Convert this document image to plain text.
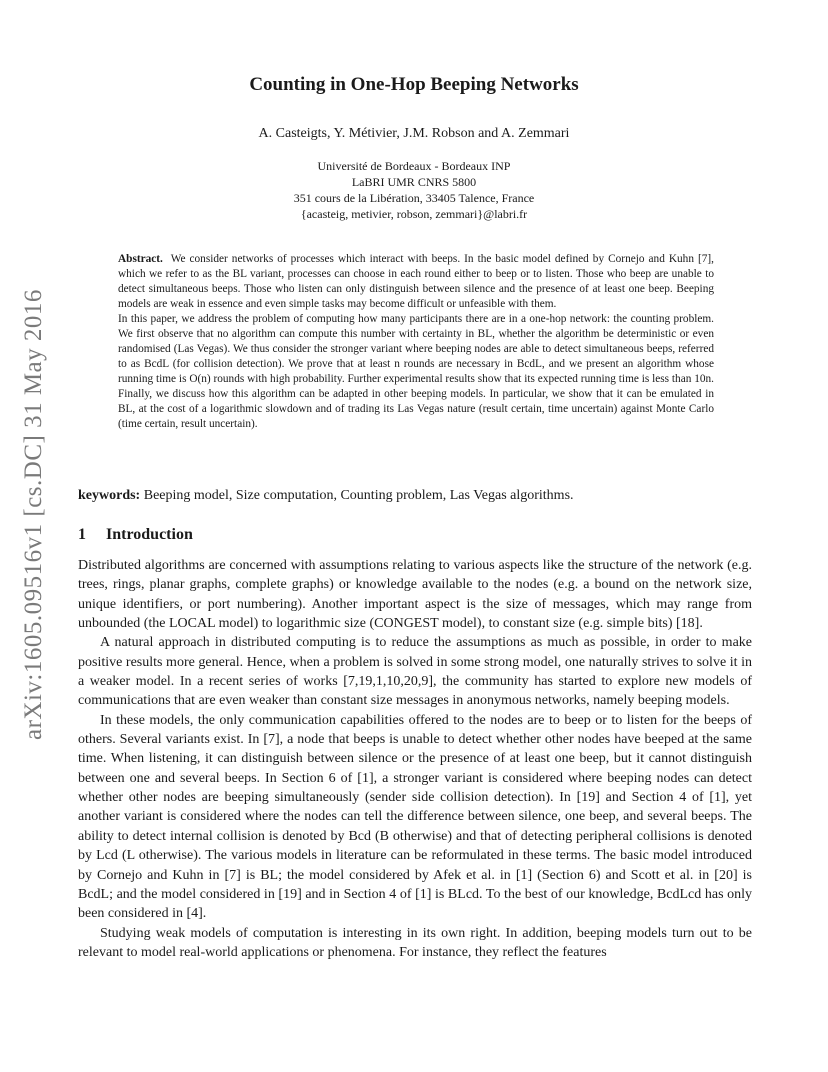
Counting in One-Hop Beeping Networks
A. Casteigts, Y. Métivier, J.M. Robson and A. Zemmari
Université de Bordeaux - Bordeaux INP
LaBRI UMR CNRS 5800
351 cours de la Libération, 33405 Talence, France
{acasteig, metivier, robson, zemmari}@labri.fr
arXiv:1605.09516v1 [cs.DC] 31 May 2016

Abstract. We consider networks of processes which interact with beeps. In the basic model defined by Cornejo and Kuhn [7], which we refer to as the BL variant, processes can choose in each round either to beep or to listen. Those who beep are unable to detect simultaneous beeps. Those who listen can only distinguish between silence and the presence of at least one beep. Beeping models are weak in essence and even simple tasks may become difficult or unfeasible with them.

In this paper, we address the problem of computing how many participants there are in a one-hop network: the counting problem. We first observe that no algorithm can compute this number with certainty in BL, whether the algorithm be deterministic or even randomised (Las Vegas). We thus consider the stronger variant where beeping nodes are able to detect simultaneous beeps, referred to as BcdL (for collision detection). We prove that at least n rounds are necessary in BcdL, and we present an algorithm whose running time is O(n) rounds with high probability. Further experimental results show that its expected running time is less than 10n. Finally, we discuss how this algorithm can be adapted in other beeping models. In particular, we show that it can be emulated in BL, at the cost of a logarithmic slowdown and of trading its Las Vegas nature (result certain, time uncertain) against Monte Carlo (time certain, result uncertain).

keywords: Beeping model, Size computation, Counting problem, Las Vegas algorithms.
1 Introduction

Distributed algorithms are concerned with assumptions relating to various aspects like the structure of the network (e.g. trees, rings, planar graphs, complete graphs) or knowledge available to the nodes (e.g. a bound on the network size, unique identifiers, or port numbering). Another important aspect is the size of messages, which may range from unbounded (the LOCAL model) to logarithmic size (CONGEST model), to constant size (e.g. simple bits) [18].

A natural approach in distributed computing is to reduce the assumptions as much as possible, in order to make positive results more general. Hence, when a problem is solved in some strong model, one naturally strives to solve it in a weaker model. In a recent series of works [7,19,1,10,20,9], the community has started to explore new models of communications that are even weaker than constant size messages in anonymous networks, namely beeping models.

In these models, the only communication capabilities offered to the nodes are to beep or to listen for the beeps of others. Several variants exist. In [7], a node that beeps is unable to detect whether other nodes have beeped at the same time. When listening, it can distinguish between silence or the presence of at least one beep, but it cannot distinguish between one and several beeps. In Section 6 of [1], a stronger variant is considered where beeping nodes can detect whether other nodes are beeping simultaneously (sender side collision detection). In [19] and Section 4 of [1], yet another variant is considered where the nodes can tell the difference between silence, one beep, and several beeps. The ability to detect internal collision is denoted by Bcd (B otherwise) and that of detecting peripheral collisions is denoted by Lcd (L otherwise). The various models in literature can be reformulated in these terms. The basic model introduced by Cornejo and Kuhn in [7] is BL; the model considered by Afek et al. in [1] (Section 6) and Scott et al. in [20] is BcdL; and the model considered in [19] and in Section 4 of [1] is BLcd. To the best of our knowledge, BcdLcd has only been considered in [4].

Studying weak models of computation is interesting in its own right. In addition, beeping models turn out to be relevant to model real-world applications or phenomena. For instance, they reflect the features
